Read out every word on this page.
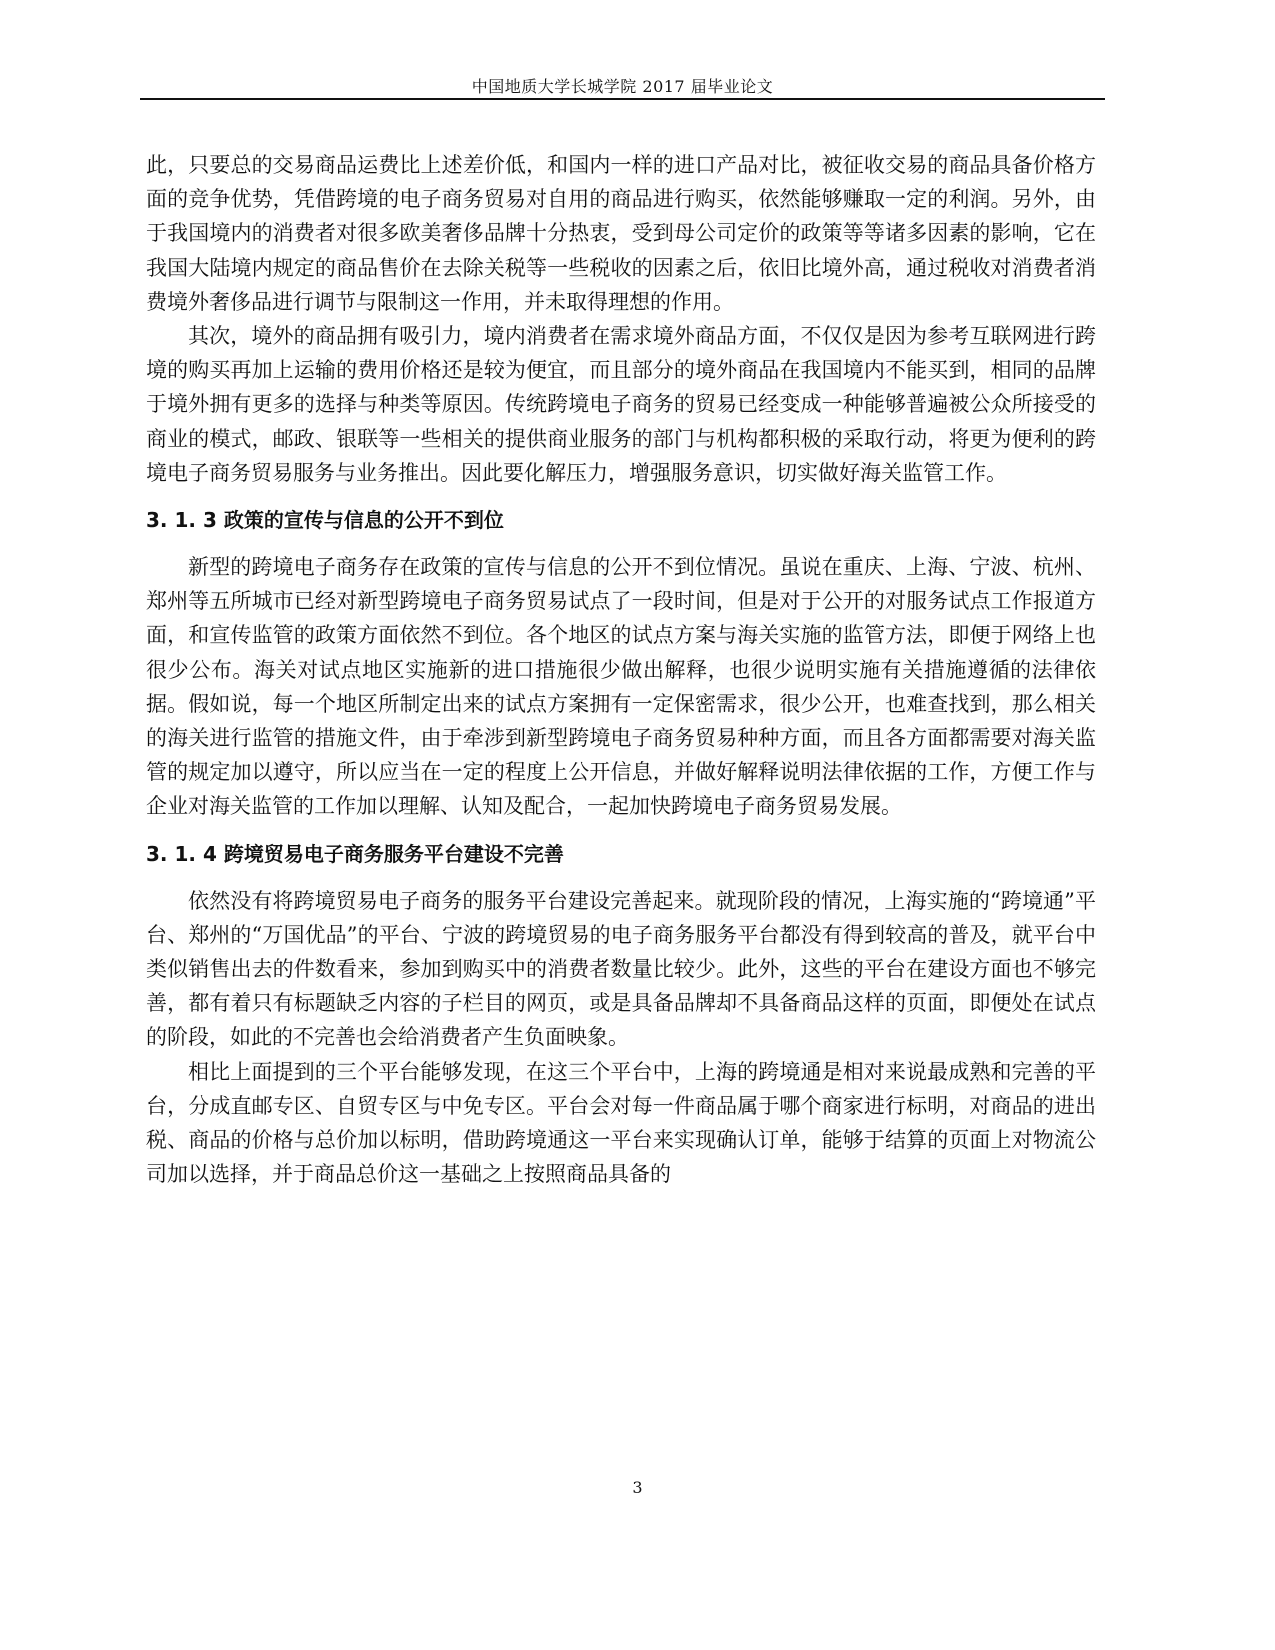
中国地质大学长城学院 2017 届毕业论文

此，只要总的交易商品运费比上述差价低，和国内一样的进口产品对比，被征收交易的商品具备价格方面的竞争优势，凭借跨境的电子商务贸易对自用的商品进行购买，依然能够赚取一定的利润。另外，由于我国境内的消费者对很多欧美奢侈品牌十分热衷，受到母公司定价的政策等等诸多因素的影响，它在我国大陆境内规定的商品售价在去除关税等一些税收的因素之后，依旧比境外高，通过税收对消费者消费境外奢侈品进行调节与限制这一作用，并未取得理想的作用。

其次，境外的商品拥有吸引力，境内消费者在需求境外商品方面，不仅仅是因为参考互联网进行跨境的购买再加上运输的费用价格还是较为便宜，而且部分的境外商品在我国境内不能买到，相同的品牌于境外拥有更多的选择与种类等原因。传统跨境电子商务的贸易已经变成一种能够普遍被公众所接受的商业的模式，邮政、银联等一些相关的提供商业服务的部门与机构都积极的采取行动，将更为便利的跨境电子商务贸易服务与业务推出。因此要化解压力，增强服务意识，切实做好海关监管工作。

3. 1. 3 政策的宣传与信息的公开不到位

新型的跨境电子商务存在政策的宣传与信息的公开不到位情况。虽说在重庆、上海、宁波、杭州、郑州等五所城市已经对新型跨境电子商务贸易试点了一段时间，但是对于公开的对服务试点工作报道方面，和宣传监管的政策方面依然不到位。各个地区的试点方案与海关实施的监管方法，即便于网络上也很少公布。海关对试点地区实施新的进口措施很少做出解释，也很少说明实施有关措施遵循的法律依据。假如说，每一个地区所制定出来的试点方案拥有一定保密需求，很少公开，也难查找到，那么相关的海关进行监管的措施文件，由于牵涉到新型跨境电子商务贸易种种方面，而且各方面都需要对海关监管的规定加以遵守，所以应当在一定的程度上公开信息，并做好解释说明法律依据的工作，方便工作与企业对海关监管的工作加以理解、认知及配合，一起加快跨境电子商务贸易发展。

3. 1. 4 跨境贸易电子商务服务平台建设不完善

依然没有将跨境贸易电子商务的服务平台建设完善起来。就现阶段的情况，上海实施的“跨境通”平台、郑州的“万国优品”的平台、宁波的跨境贸易的电子商务服务平台都没有得到较高的普及，就平台中类似销售出去的件数看来，参加到购买中的消费者数量比较少。此外，这些的平台在建设方面也不够完善，都有着只有标题缺乏内容的子栏目的网页，或是具备品牌却不具备商品这样的页面，即便处在试点的阶段，如此的不完善也会给消费者产生负面映象。

相比上面提到的三个平台能够发现，在这三个平台中，上海的跨境通是相对来说最成熟和完善的平台，分成直邮专区、自贸专区与中免专区。平台会对每一件商品属于哪个商家进行标明，对商品的进出税、商品的价格与总价加以标明，借助跨境通这一平台来实现确认订单，能够于结算的页面上对物流公司加以选择，并于商品总价这一基础之上按照商品具备的

3
